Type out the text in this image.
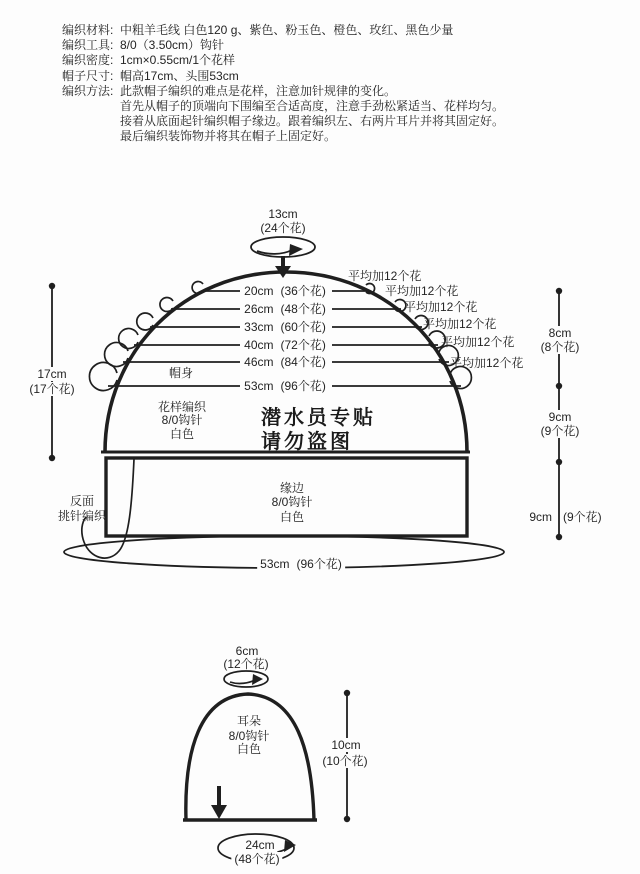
编织材料: 中粗羊毛线 白色120 g、紫色、粉玉色、橙色、玫红、黑色少量
编织工具: 8/0（3.50cm）钩针
编织密度: 1cm×0.55cm/1个花样
帽子尺寸: 帽高17cm、头围53cm
编织方法: 此款帽子编织的难点是花样，注意加针规律的变化。
首先从帽子的顶端向下围编至合适高度，注意手劲松紧适当、花样均匀。
接着从底面起针编织帽子缘边。跟着编织左、右两片耳片并将其固定好。
最后编织装饰物并将其在帽子上固定好。
13cm
(24个花)
20cm (36个花)
26cm (48个花)
33cm (60个花)
40cm (72个花)
46cm (84个花)
53cm (96个花)
平均加12个花
平均加12个花
平均加12个花
平均加12个花
平均加12个花
平均加12个花
帽身
花样编织
8/0钩针
白色
潜水员专贴
请勿盗图
缘边
8/0钩针
白色
反面
挑针编织
53cm (96个花)
17cm
(17个花)
8cm
(8个花)
9cm
(9个花)
9cm (9个花)
6cm
(12个花)
耳朵
8/0钩针
白色
24cm
(48个花)
10cm
(10个花)
